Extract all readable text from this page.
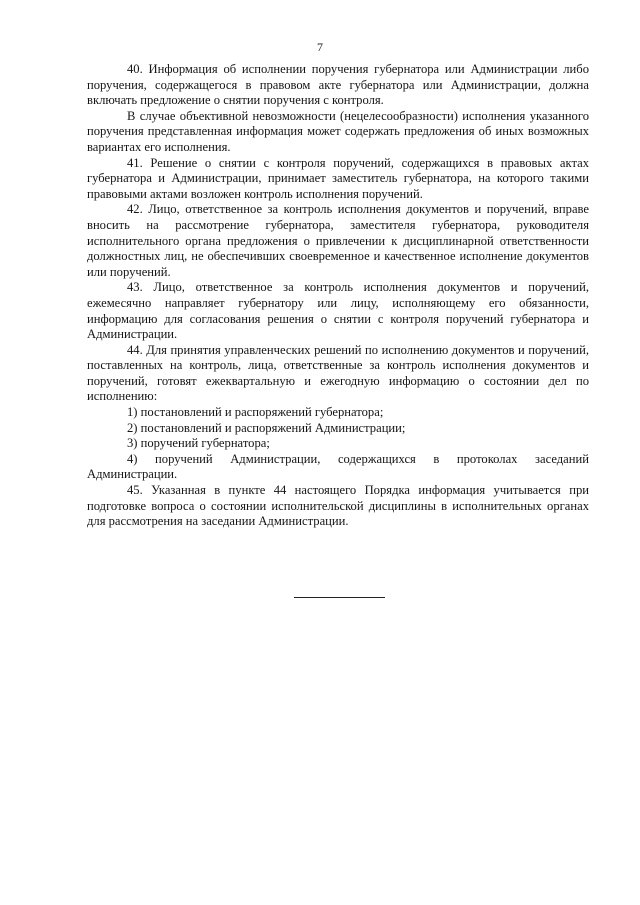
7

40. Информация об исполнении поручения губернатора или Администрации либо поручения, содержащегося в правовом акте губернатора или Администрации, должна включать предложение о снятии поручения с контроля.

В случае объективной невозможности (нецелесообразности) исполнения указанного поручения представленная информация может содержать предложения об иных возможных вариантах его исполнения.

41. Решение о снятии с контроля поручений, содержащихся в правовых актах губернатора и Администрации, принимает заместитель губернатора, на которого такими правовыми актами возложен контроль исполнения поручений.

42. Лицо, ответственное за контроль исполнения документов и поручений, вправе вносить на рассмотрение губернатора, заместителя губернатора, руководителя исполнительного органа предложения о привлечении к дисциплинарной ответственности должностных лиц, не обеспечивших своевременное и качественное исполнение документов или поручений.

43. Лицо, ответственное за контроль исполнения документов и поручений, ежемесячно направляет губернатору или лицу, исполняющему его обязанности, информацию для согласования решения о снятии с контроля поручений губернатора и Администрации.

44. Для принятия управленческих решений по исполнению документов и поручений, поставленных на контроль, лица, ответственные за контроль исполнения документов и поручений, готовят ежеквартальную и ежегодную информацию о состоянии дел по исполнению:

1) постановлений и распоряжений губернатора;

2) постановлений и распоряжений Администрации;

3) поручений губернатора;

4) поручений Администрации, содержащихся в протоколах заседаний Администрации.

45. Указанная в пункте 44 настоящего Порядка информация учитывается при подготовке вопроса о состоянии исполнительской дисциплины в исполнительных органах для рассмотрения на заседании Администрации.
